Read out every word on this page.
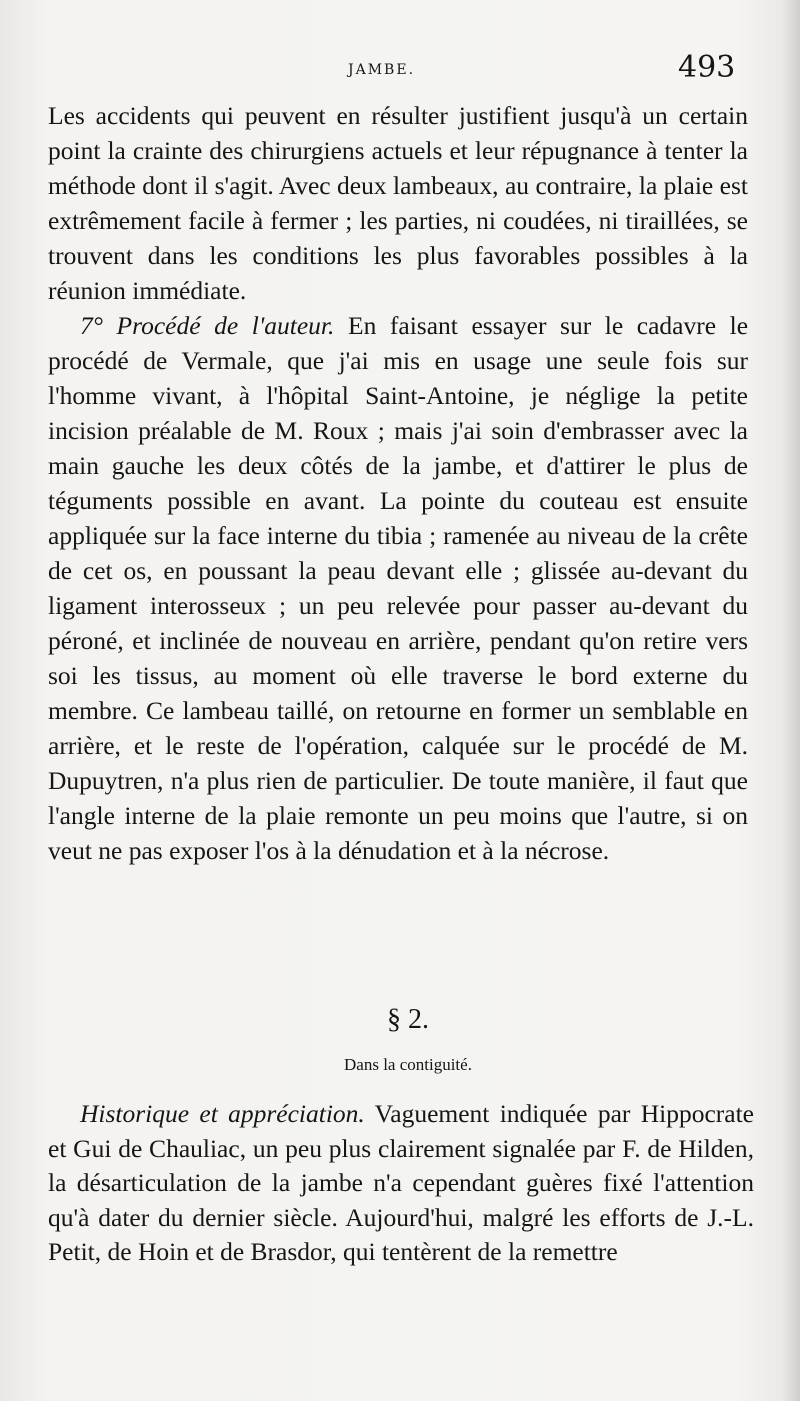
JAMBE.	493

Les accidents qui peuvent en résulter justifient jusqu'à un certain point la crainte des chirurgiens actuels et leur répugnance à tenter la méthode dont il s'agit. Avec deux lambeaux, au contraire, la plaie est extrêmement facile à fermer ; les parties, ni coudées, ni tiraillées, se trouvent dans les conditions les plus favorables possibles à la réunion immédiate.

7° Procédé de l'auteur. En faisant essayer sur le cadavre le procédé de Vermale, que j'ai mis en usage une seule fois sur l'homme vivant, à l'hôpital Saint-Antoine, je néglige la petite incision préalable de M. Roux ; mais j'ai soin d'embrasser avec la main gauche les deux côtés de la jambe, et d'attirer le plus de téguments possible en avant. La pointe du couteau est ensuite appliquée sur la face interne du tibia ; ramenée au niveau de la crête de cet os, en poussant la peau devant elle ; glissée au-devant du ligament interosseux ; un peu relevée pour passer au-devant du péroné, et inclinée de nouveau en arrière, pendant qu'on retire vers soi les tissus, au moment où elle traverse le bord externe du membre. Ce lambeau taillé, on retourne en former un semblable en arrière, et le reste de l'opération, calquée sur le procédé de M. Dupuytren, n'a plus rien de particulier. De toute manière, il faut que l'angle interne de la plaie remonte un peu moins que l'autre, si on veut ne pas exposer l'os à la dénudation et à la nécrose.

§ 2.
Dans la contiguité.

Historique et appréciation. Vaguement indiquée par Hippocrate et Gui de Chauliac, un peu plus clairement signalée par F. de Hilden, la désarticulation de la jambe n'a cependant guères fixé l'attention qu'à dater du dernier siècle. Aujourd'hui, malgré les efforts de J.-L. Petit, de Hoin et de Brasdor, qui tentèrent de la remettre
